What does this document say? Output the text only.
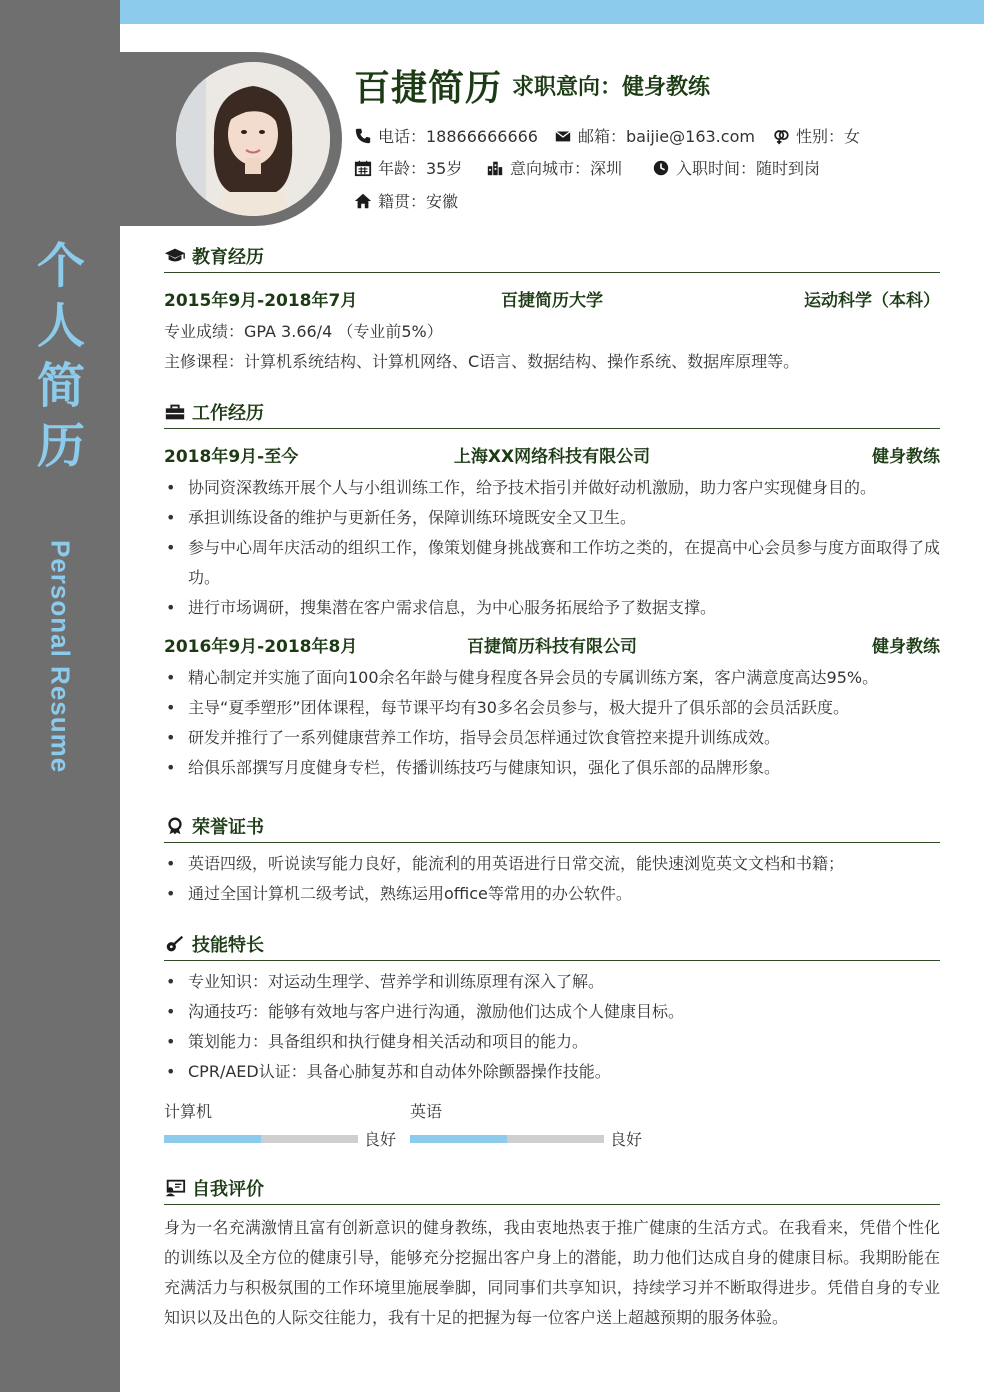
个
人
简
历
Personal Resume
百捷简历 求职意向：健身教练
电话：18866666666	邮箱：baijie@163.com	性别：女
年龄：35岁	意向城市：深圳	入职时间：随时到岗
籍贯：安徽
教育经历
2015年9月-2018年7月	百捷简历大学	运动科学（本科）
专业成绩：GPA 3.66/4 （专业前5%）
主修课程：计算机系统结构、计算机网络、C语言、数据结构、操作系统、数据库原理等。
工作经历
2018年9月-至今	上海XX网络科技有限公司	健身教练
• 协同资深教练开展个人与小组训练工作，给予技术指引并做好动机激励，助力客户实现健身目的。
• 承担训练设备的维护与更新任务，保障训练环境既安全又卫生。
• 参与中心周年庆活动的组织工作，像策划健身挑战赛和工作坊之类的，在提高中心会员参与度方面取得了成功。
• 进行市场调研，搜集潜在客户需求信息，为中心服务拓展给予了数据支撑。
2016年9月-2018年8月	百捷简历科技有限公司	健身教练
• 精心制定并实施了面向100余名年龄与健身程度各异会员的专属训练方案，客户满意度高达95%。
• 主导“夏季塑形”团体课程，每节课平均有30多名会员参与，极大提升了俱乐部的会员活跃度。
• 研发并推行了一系列健康营养工作坊，指导会员怎样通过饮食管控来提升训练成效。
• 给俱乐部撰写月度健身专栏，传播训练技巧与健康知识，强化了俱乐部的品牌形象。
荣誉证书
• 英语四级，听说读写能力良好，能流利的用英语进行日常交流，能快速浏览英文文档和书籍；
• 通过全国计算机二级考试，熟练运用office等常用的办公软件。
技能特长
• 专业知识：对运动生理学、营养学和训练原理有深入了解。
• 沟通技巧：能够有效地与客户进行沟通，激励他们达成个人健康目标。
• 策划能力：具备组织和执行健身相关活动和项目的能力。
• CPR/AED认证：具备心肺复苏和自动体外除颤器操作技能。
计算机
良好
英语
良好
自我评价
身为一名充满激情且富有创新意识的健身教练，我由衷地热衷于推广健康的生活方式。在我看来，凭借个性化的训练以及全方位的健康引导，能够充分挖掘出客户身上的潜能，助力他们达成自身的健康目标。我期盼能在充满活力与积极氛围的工作环境里施展拳脚，同同事们共享知识，持续学习并不断取得进步。凭借自身的专业知识以及出色的人际交往能力，我有十足的把握为每一位客户送上超越预期的服务体验。
